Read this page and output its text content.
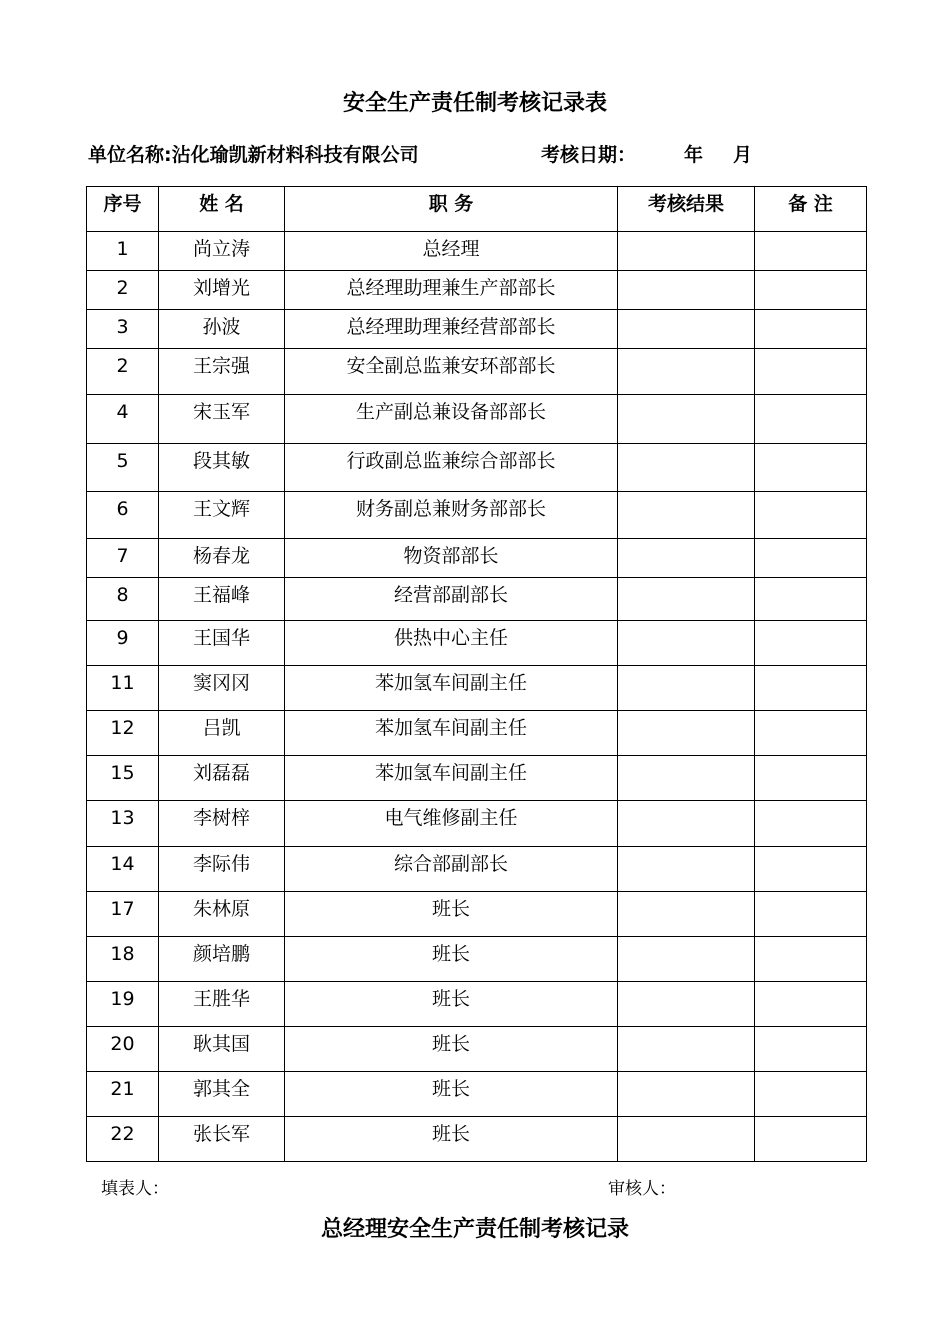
安全生产责任制考核记录表
单位名称:沾化瑜凯新材料科技有限公司	考核日期：	年 月
序号	姓 名	职 务	考核结果	备 注
1	尚立涛	总经理		
2	刘增光	总经理助理兼生产部部长		
3	孙波	总经理助理兼经营部部长		
2	王宗强	安全副总监兼安环部部长		
4	宋玉军	生产副总兼设备部部长		
5	段其敏	行政副总监兼综合部部长		
6	王文辉	财务副总兼财务部部长		
7	杨春龙	物资部部长		
8	王福峰	经营部副部长		
9	王国华	供热中心主任		
11	窦冈冈	苯加氢车间副主任		
12	吕凯	苯加氢车间副主任		
15	刘磊磊	苯加氢车间副主任		
13	李树梓	电气维修副主任		
14	李际伟	综合部副部长		
17	朱林原	班长		
18	颜培鹏	班长		
19	王胜华	班长		
20	耿其国	班长		
21	郭其全	班长		
22	张长军	班长		
填表人：	审核人：
总经理安全生产责任制考核记录
